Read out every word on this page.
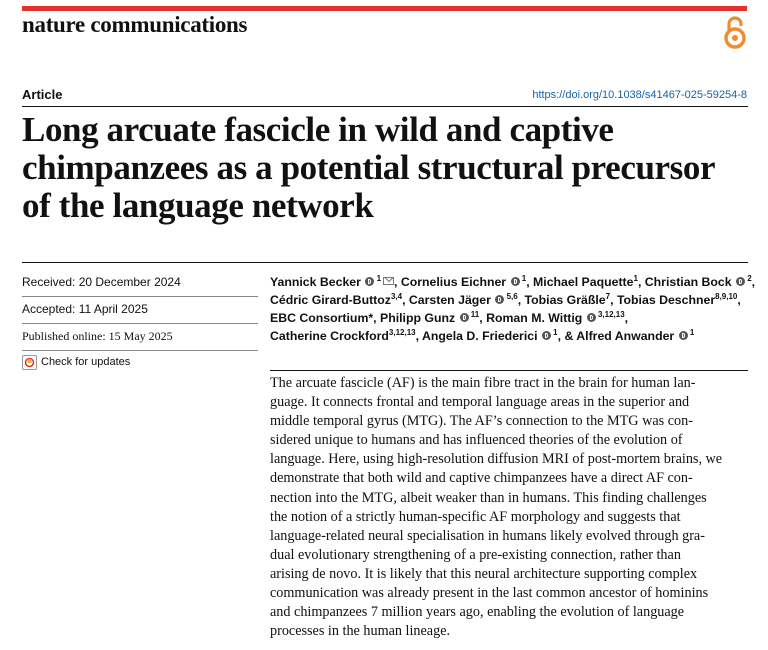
nature communications
Article	https://doi.org/10.1038/s41467-025-59254-8
Long arcuate fascicle in wild and captive chimpanzees as a potential structural precursor of the language network
Received: 20 December 2024
Accepted: 11 April 2025
Published online: 15 May 2025
Check for updates
Yannick Becker  $^1$ , Cornelius Eichner  $^1$, Michael Paquette$^1$, Christian Bock  $^2$,
Cédric Girard-Buttoz$^{3,4}$, Carsten Jäger  $^{5,6}$, Tobias Gräßle$^7$, Tobias Deschner$^{8,9,10}$,
EBC Consortium*, Philipp Gunz  $^{11}$, Roman M. Wittig  $^{3,12,13}$,
Catherine Crockford$^{3,12,13}$, Angela D. Friederici  $^1$, & Alfred Anwander  $^1$

The arcuate fascicle (AF) is the main fibre tract in the brain for human lan-
guage. It connects frontal and temporal language areas in the superior and
middle temporal gyrus (MTG). The AF’s connection to the MTG was con-
sidered unique to humans and has influenced theories of the evolution of
language. Here, using high-resolution diffusion MRI of post-mortem brains, we
demonstrate that both wild and captive chimpanzees have a direct AF con-
nection into the MTG, albeit weaker than in humans. This finding challenges
the notion of a strictly human-specific AF morphology and suggests that
language-related neural specialisation in humans likely evolved through gra-
dual evolutionary strengthening of a pre-existing connection, rather than
arising de novo. It is likely that this neural architecture supporting complex
communication was already present in the last common ancestor of hominins
and chimpanzees 7 million years ago, enabling the evolution of language
processes in the human lineage.
